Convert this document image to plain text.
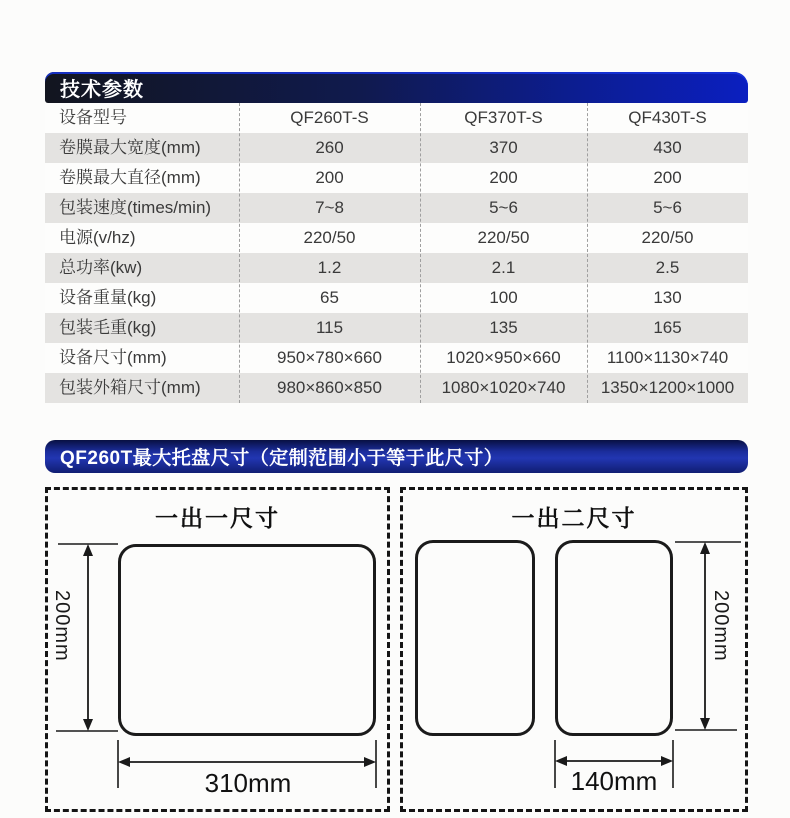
技术参数
设备型号	QF260T-S	QF370T-S	QF430T-S
卷膜最大宽度(mm)	260	370	430
卷膜最大直径(mm)	200	200	200
包装速度(times/min)	7~8	5~6	5~6
电源(v/hz)	220/50	220/50	220/50
总功率(kw)	1.2	2.1	2.5
设备重量(kg)	65	100	130
包装毛重(kg)	115	135	165
设备尺寸(mm)	950×780×660	1020×950×660	1100×1130×740
包装外箱尺寸(mm)	980×860×850	1080×1020×740	1350×1200×1000
QF260T最大托盘尺寸（定制范围小于等于此尺寸）
一出一尺寸
200mm
310mm
一出二尺寸
200mm
140mm
